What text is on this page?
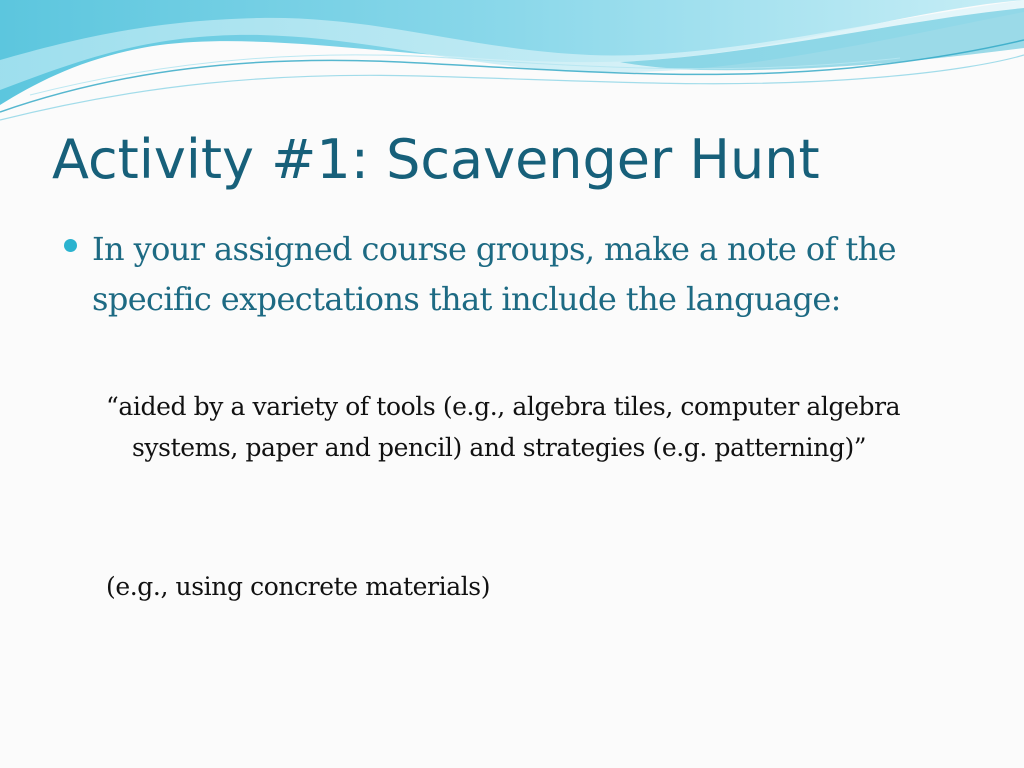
Activity #1: Scavenger Hunt
In your assigned course groups, make a note of the specific expectations that include the language:

“aided by a variety of tools (e.g., algebra tiles, computer algebra systems, paper and pencil) and strategies (e.g. patterning)”

(e.g., using concrete materials)
